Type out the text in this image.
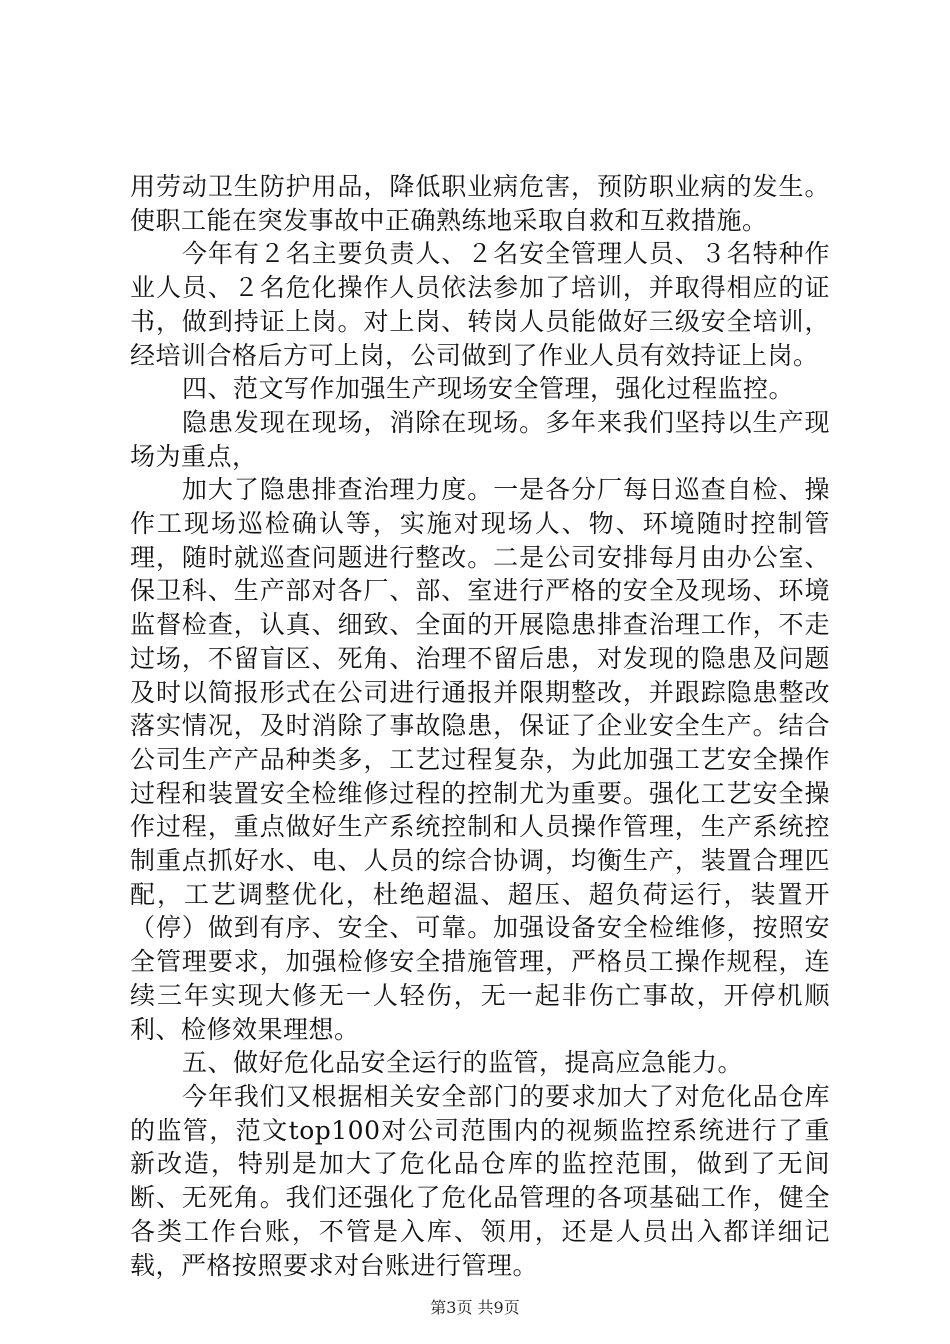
用劳动卫生防护用品，降低职业病危害，预防职业病的发生。使职工能在突发事故中正确熟练地采取自救和互救措施。

今年有２名主要负责人、２名安全管理人员、３名特种作业人员、２名危化操作人员依法参加了培训，并取得相应的证书，做到持证上岗。对上岗、转岗人员能做好三级安全培训，经培训合格后方可上岗，公司做到了作业人员有效持证上岗。

四、范文写作加强生产现场安全管理，强化过程监控。

隐患发现在现场，消除在现场。多年来我们坚持以生产现场为重点，

加大了隐患排查治理力度。一是各分厂每日巡查自检、操作工现场巡检确认等，实施对现场人、物、环境随时控制管理，随时就巡查问题进行整改。二是公司安排每月由办公室、保卫科、生产部对各厂、部、室进行严格的安全及现场、环境监督检查，认真、细致、全面的开展隐患排查治理工作，不走过场，不留盲区、死角、治理不留后患，对发现的隐患及问题及时以简报形式在公司进行通报并限期整改，并跟踪隐患整改落实情况，及时消除了事故隐患，保证了企业安全生产。结合公司生产产品种类多，工艺过程复杂，为此加强工艺安全操作过程和装置安全检维修过程的控制尤为重要。强化工艺安全操作过程，重点做好生产系统控制和人员操作管理，生产系统控制重点抓好水、电、人员的综合协调，均衡生产，装置合理匹配，工艺调整优化，杜绝超温、超压、超负荷运行，装置开（停）做到有序、安全、可靠。加强设备安全检维修，按照安全管理要求，加强检修安全措施管理，严格员工操作规程，连续三年实现大修无一人轻伤，无一起非伤亡事故，开停机顺利、检修效果理想。

五、做好危化品安全运行的监管，提高应急能力。

今年我们又根据相关安全部门的要求加大了对危化品仓库的监管，范文top100对公司范围内的视频监控系统进行了重新改造，特别是加大了危化品仓库的监控范围，做到了无间断、无死角。我们还强化了危化品管理的各项基础工作，健全各类工作台账，不管是入库、领用，还是人员出入都详细记载，严格按照要求对台账进行管理。

第3页 共9页
